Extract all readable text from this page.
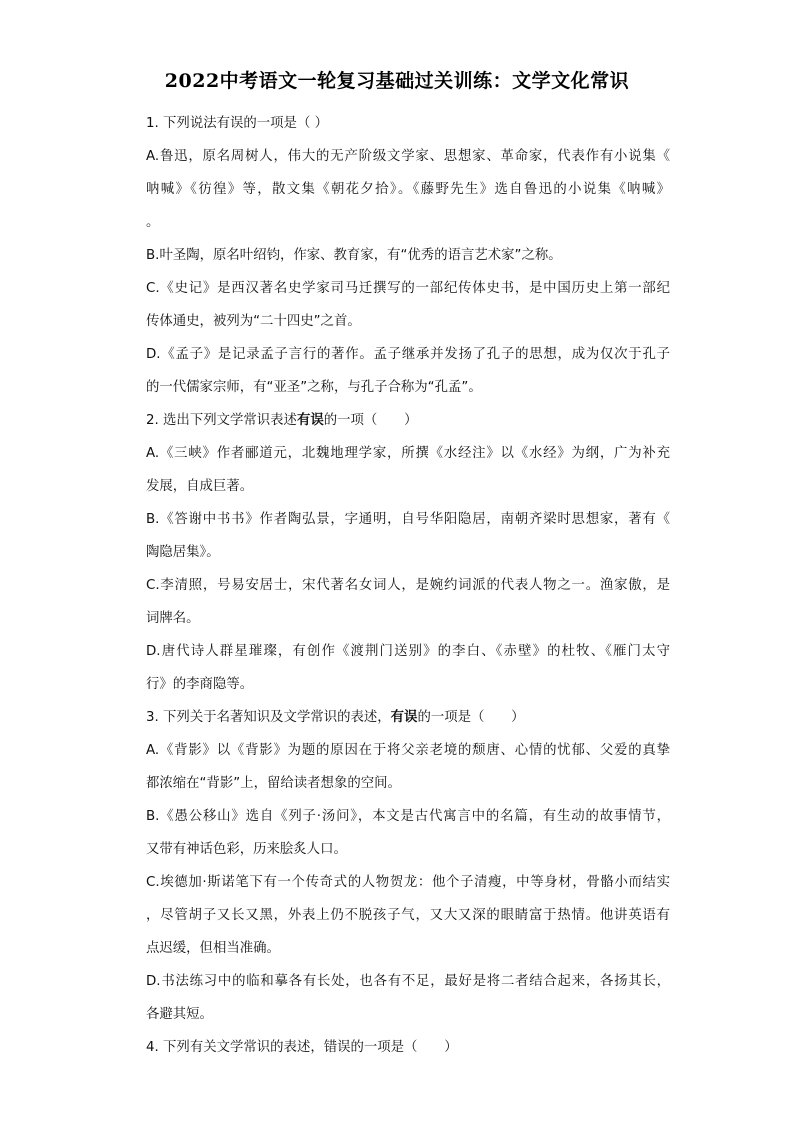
2022中考语文一轮复习基础过关训练：文学文化常识
1. 下列说法有误的一项是（ ）
A.鲁迅，原名周树人，伟大的无产阶级文学家、思想家、革命家，代表作有小说集《
呐喊》《彷徨》等，散文集《朝花夕拾》。《藤野先生》选自鲁迅的小说集《呐喊》
。
B.叶圣陶，原名叶绍钧，作家、教育家，有“优秀的语言艺术家”之称。
C.《史记》是西汉著名史学家司马迁撰写的一部纪传体史书，是中国历史上第一部纪
传体通史，被列为“二十四史”之首。
D.《孟子》是记录孟子言行的著作。孟子继承并发扬了孔子的思想，成为仅次于孔子
的一代儒家宗师，有“亚圣”之称，与孔子合称为“孔孟”。
2. 选出下列文学常识表述有误的一项（　　）
A.《三峡》作者郦道元，北魏地理学家，所撰《水经注》以《水经》为纲，广为补充
发展，自成巨著。
B.《答谢中书书》作者陶弘景，字通明，自号华阳隐居，南朝齐梁时思想家，著有《
陶隐居集》。
C.李清照，号易安居士，宋代著名女词人，是婉约词派的代表人物之一。渔家傲，是
词牌名。
D.唐代诗人群星璀璨，有创作《渡荆门送别》的李白、《赤壁》的杜牧、《雁门太守
行》的李商隐等。
3. 下列关于名著知识及文学常识的表述，有误的一项是（　　）
A.《背影》以《背影》为题的原因在于将父亲老境的颓唐、心情的忧郁、父爱的真挚
都浓缩在“背影”上，留给读者想象的空间。
B.《愚公移山》选自《列子·汤问》，本文是古代寓言中的名篇，有生动的故事情节，
又带有神话色彩，历来脍炙人口。
C.埃德加·斯诺笔下有一个传奇式的人物贺龙：他个子清瘦，中等身材，骨骼小而结实
，尽管胡子又长又黑，外表上仍不脱孩子气，又大又深的眼睛富于热情。他讲英语有
点迟缓，但相当准确。
D.书法练习中的临和摹各有长处，也各有不足，最好是将二者结合起来，各扬其长，
各避其短。
4. 下列有关文学常识的表述，错误的一项是（　　）
